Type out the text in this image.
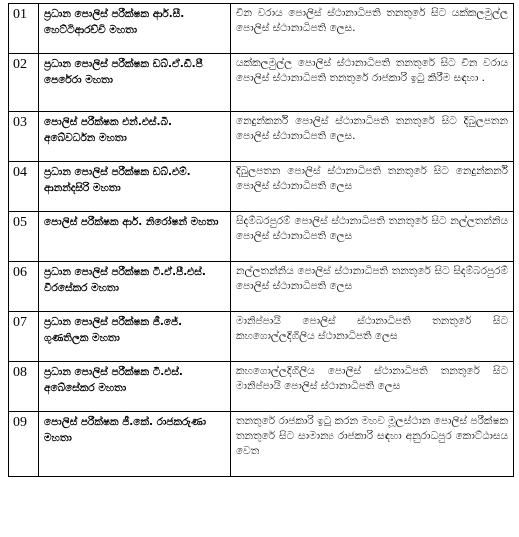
01	ප්‍රධාන පොලිස් පරීක්ෂක ආර්.සී. හෙට්ටිආරච්චි මහතා	චීන වරාය පොලිස් ස්ථානාධිපති තනතුරේ සිට යක්කලමුල්ල පොලිස් ස්ථානාධිපති ලෙස.
02	ප්‍රධාන පොලිස් පරීක්ෂක ඩබ්.ඒ.ඩී.පී පෙරේරා මහතා	යක්කලමුල්ල පොලිස් ස්ථානාධිපති තනතුරේ සිට චීන වරාය පොලිස් ස්ථානාධිපති තනතුරේ රාජකාරි ඉටු කිරීම සඳහා .
03	පොලිස් පරීක්ෂක එන්.එස්.බී. අබේවර්ධන මහතා	නෙදුන්කර්නි පොලිස් ස්ථානාධිපති තනතුරේ සිට දිබුලපතන පොලිස් ස්ථානාධිපති ලෙස.
04	ප්‍රධාන පොලිස් පරීක්ෂක ඩබ්.එම්. ආනන්දසිරි මහතා	දිබුලපතන පොලිස් ස්ථානාධිපති තනතුරේ සිට නෙදුන්කර්නි පොලිස් ස්ථානාධිපති ලෙස
05	පොලිස් පරීක්ෂක ආර්. නිරෝෂන් මහතා	සිදම්බරපුරම් පොලිස් ස්ථානාධිපති තනතුරේ සිට නල්ලතන්නිය පොලිස් ස්ථානාධිපති ලෙස
06	ප්‍රධාන පොලිස් පරීක්ෂක ටී.ඒ.පී.එස්. වීරසේකර මහතා	නල්ලතන්නිය පොලිස් ස්ථානාධිපති තනතුරේ සිට සිදම්බරපුරම් පොලිස් ස්ථානාධිපති ලෙස
07	ප්‍රධාන පොලිස් පරීක්ෂක ජී.ජේ. ගුණතිලක මහතා	මානිප්පායි පොලිස් ස්ථානාධිපති තනතුරේ සිට කහගොල්ලදිගිලිය ස්ථානාධිපති ලෙස
08	ප්‍රධාන පොලිස් පරීක්ෂක ටී.එස්. අබේසේකර මහතා	කහගොල්ලදිගිලිය පොලිස් ස්ථානාධිපති තනතුරේ සිට මානිප්පායි පොලිස් ස්ථානාධිපති ලෙස
09	පොලිස් පරීක්ෂක ජී.කේ. රාජකරුණා මහතා	තනතුරේ රාජකාරි ඉටු කරන මහව මූලස්ථාන පොලිස් පරීක්ෂක තනතුරේ සිට සාමාන්‍ය රාජකාරි සඳහා අනුරාධපුර කොට්ඨාසය වෙත
